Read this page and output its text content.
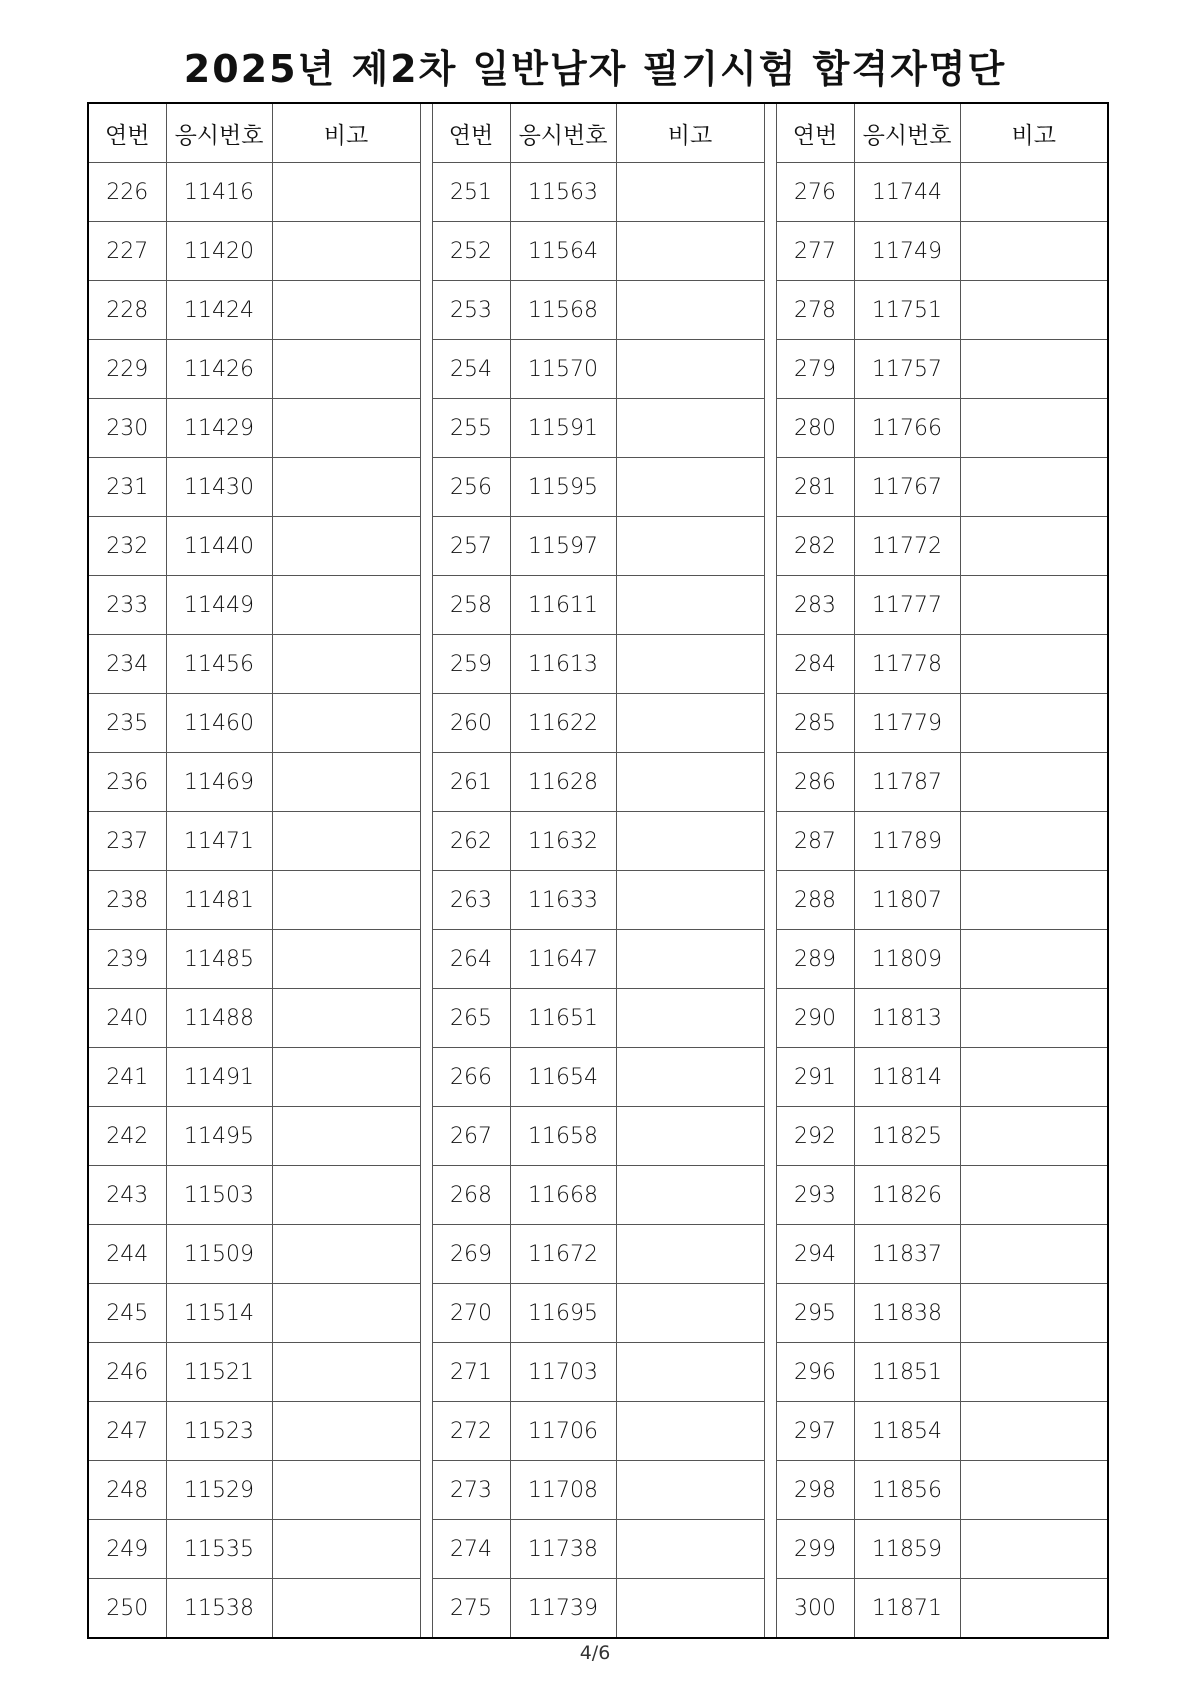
2025년 제2차 일반남자 필기시험 합격자명단
연번	응시번호	비고		연번	응시번호	비고		연번	응시번호	비고
226	11416			251	11563			276	11744	
227	11420			252	11564			277	11749	
228	11424			253	11568			278	11751	
229	11426			254	11570			279	11757	
230	11429			255	11591			280	11766	
231	11430			256	11595			281	11767	
232	11440			257	11597			282	11772	
233	11449			258	11611			283	11777	
234	11456			259	11613			284	11778	
235	11460			260	11622			285	11779	
236	11469			261	11628			286	11787	
237	11471			262	11632			287	11789	
238	11481			263	11633			288	11807	
239	11485			264	11647			289	11809	
240	11488			265	11651			290	11813	
241	11491			266	11654			291	11814	
242	11495			267	11658			292	11825	
243	11503			268	11668			293	11826	
244	11509			269	11672			294	11837	
245	11514			270	11695			295	11838	
246	11521			271	11703			296	11851	
247	11523			272	11706			297	11854	
248	11529			273	11708			298	11856	
249	11535			274	11738			299	11859	
250	11538			275	11739			300	11871	
4/6
